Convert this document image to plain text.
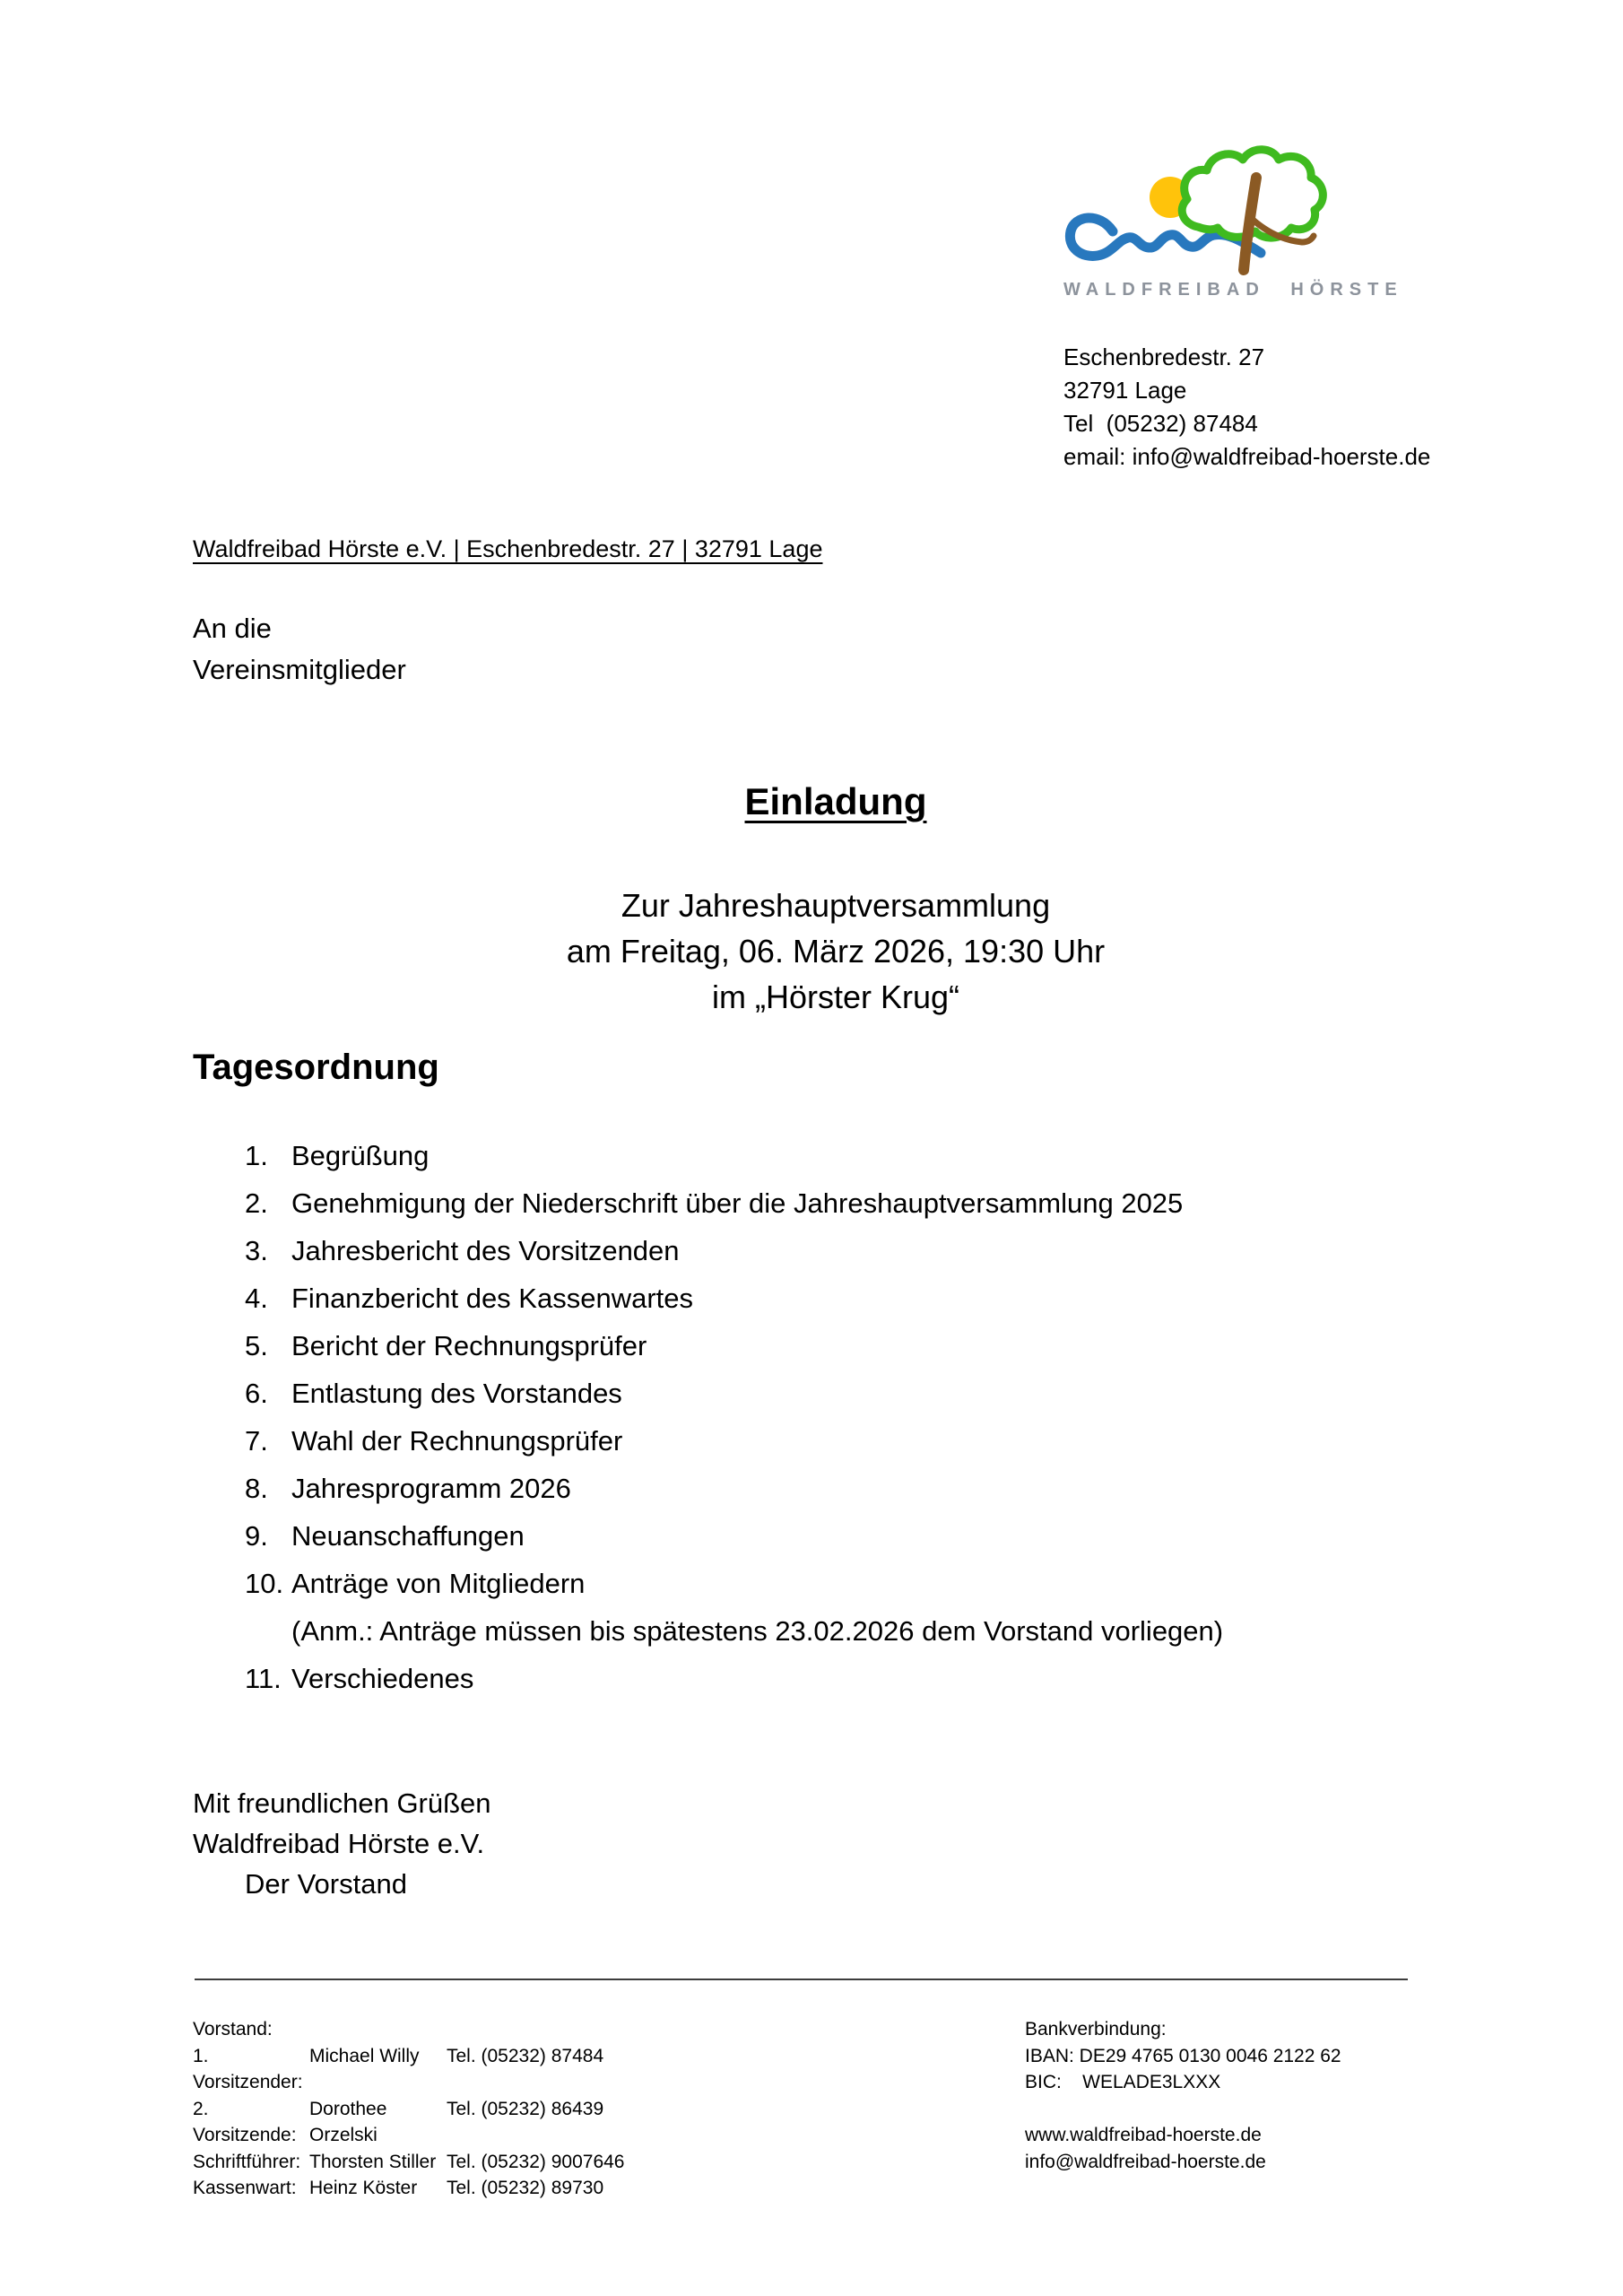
WALDFREIBAD HÖRSTE
Eschenbredestr. 27
32791 Lage
Tel  (05232) 87484
email: info@waldfreibad-hoerste.de
Waldfreibad Hörste e.V. | Eschenbredestr. 27 | 32791 Lage
An die
Vereinsmitglieder
Einladung
Zur Jahreshauptversammlung
am Freitag, 06. März 2026, 19:30 Uhr
im „Hörster Krug“
Tagesordnung
1. Begrüßung
2. Genehmigung der Niederschrift über die Jahreshauptversammlung 2025
3. Jahresbericht des Vorsitzenden
4. Finanzbericht des Kassenwartes
5. Bericht der Rechnungsprüfer
6. Entlastung des Vorstandes
7. Wahl der Rechnungsprüfer
8. Jahresprogramm 2026
9. Neuanschaffungen
10. Anträge von Mitgliedern
(Anm.: Anträge müssen bis spätestens 23.02.2026 dem Vorstand vorliegen)
11. Verschiedenes
Mit freundlichen Grüßen
Waldfreibad Hörste e.V.
Der Vorstand
Vorstand:
1. Vorsitzender:
Michael Willy	Tel. (05232) 87484
2. Vorsitzende:
Dorothee Orzelski
Tel. (05232) 86439
Schriftführer: Thorsten Stiller Tel. (05232) 9007646
Kassenwart: Heinz Köster	Tel. (05232) 89730
Bankverbindung:
IBAN: DE29 4765 0130 0046 2122 62
BIC:    WELADE3LXXX
www.waldfreibad-hoerste.de
info@waldfreibad-hoerste.de
